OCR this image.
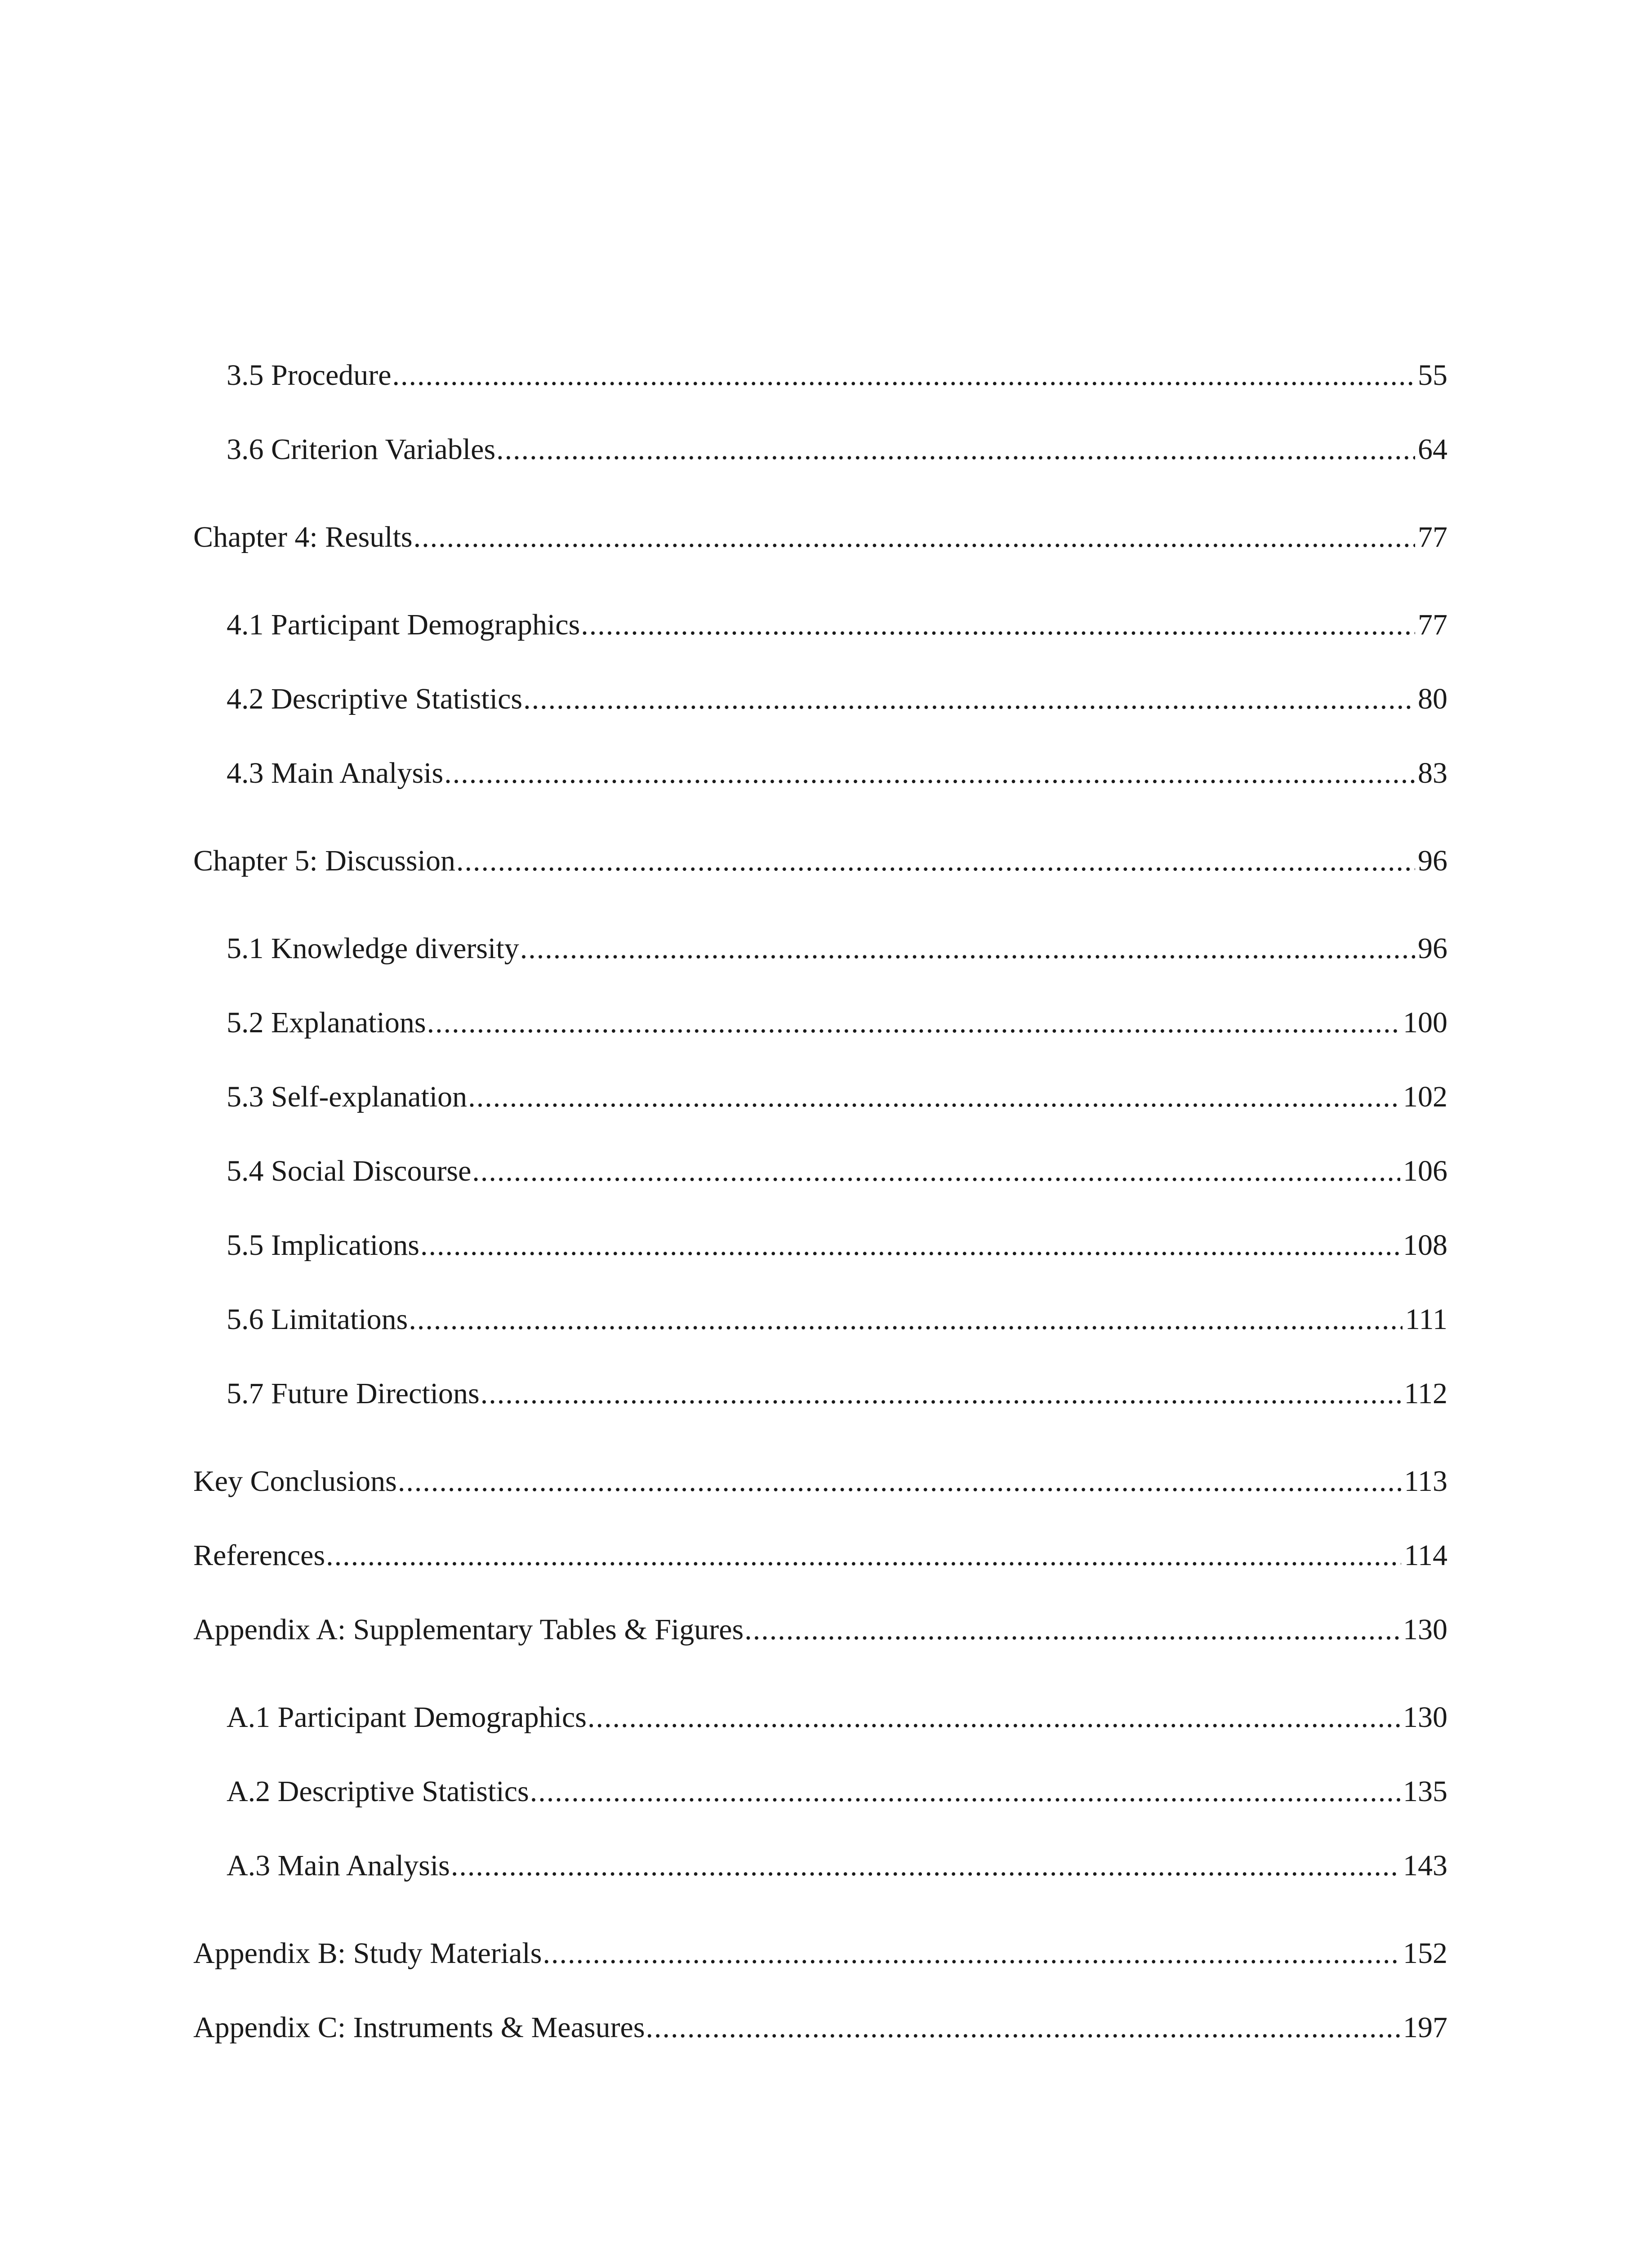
3.5 Procedure .....	55
3.6 Criterion Variables .....	64
Chapter 4: Results .....	77
4.1 Participant Demographics .....	77
4.2 Descriptive Statistics .....	80
4.3 Main Analysis .....	83
Chapter 5: Discussion .....	96
5.1 Knowledge diversity .....	96
5.2 Explanations .....	100
5.3 Self-explanation .....	102
5.4 Social Discourse .....	106
5.5 Implications .....	108
5.6 Limitations .....	111
5.7 Future Directions .....	112
Key Conclusions .....	113
References .....	114
Appendix A: Supplementary Tables & Figures .....	130
A.1 Participant Demographics .....	130
A.2 Descriptive Statistics .....	135
A.3 Main Analysis .....	143
Appendix B: Study Materials .....	152
Appendix C: Instruments & Measures .....	197
